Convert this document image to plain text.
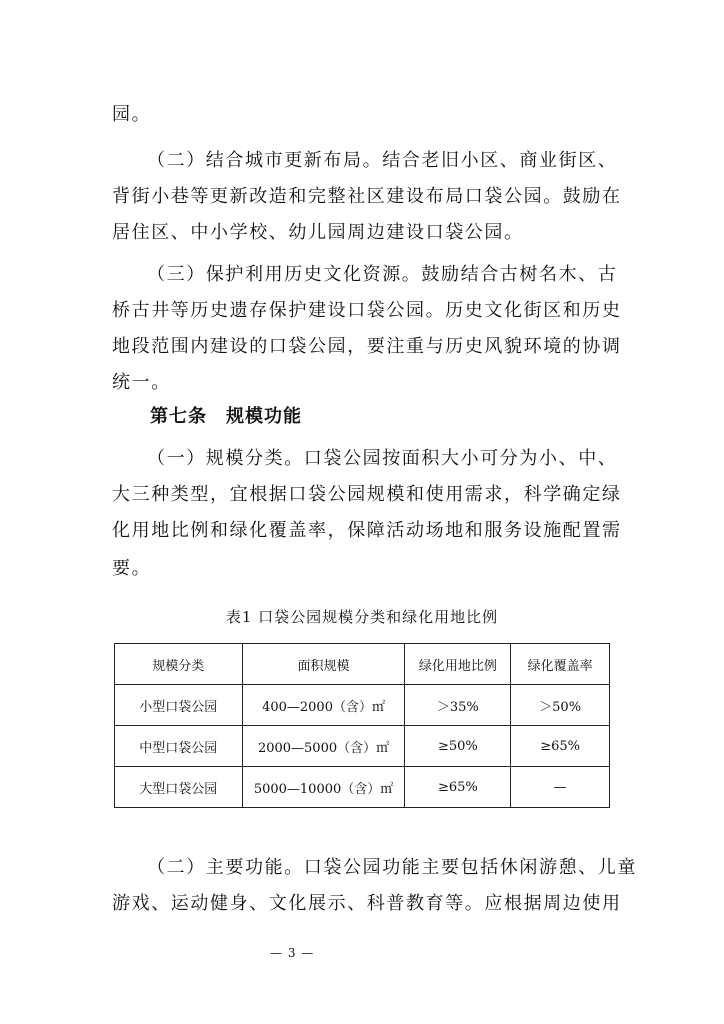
园。
（二）结合城市更新布局。结合老旧小区、商业街区、
背街小巷等更新改造和完整社区建设布局口袋公园。鼓励在
居住区、中小学校、幼儿园周边建设口袋公园。
（三）保护利用历史文化资源。鼓励结合古树名木、古
桥古井等历史遗存保护建设口袋公园。历史文化街区和历史
地段范围内建设的口袋公园，要注重与历史风貌环境的协调
统一。
第七条　规模功能
（一）规模分类。口袋公园按面积大小可分为小、中、
大三种类型，宜根据口袋公园规模和使用需求，科学确定绿
化用地比例和绿化覆盖率，保障活动场地和服务设施配置需
要。
表1 口袋公园规模分类和绿化用地比例
规模分类	面积规模	绿化用地比例	绿化覆盖率
小型口袋公园	400—2000（含）㎡	＞35%	＞50%
中型口袋公园	2000—5000（含）㎡	≥50%	≥65%
大型口袋公园	5000—10000（含）㎡	≥65%	—
（二）主要功能。口袋公园功能主要包括休闲游憩、儿童
游戏、运动健身、文化展示、科普教育等。应根据周边使用
— 3 —
